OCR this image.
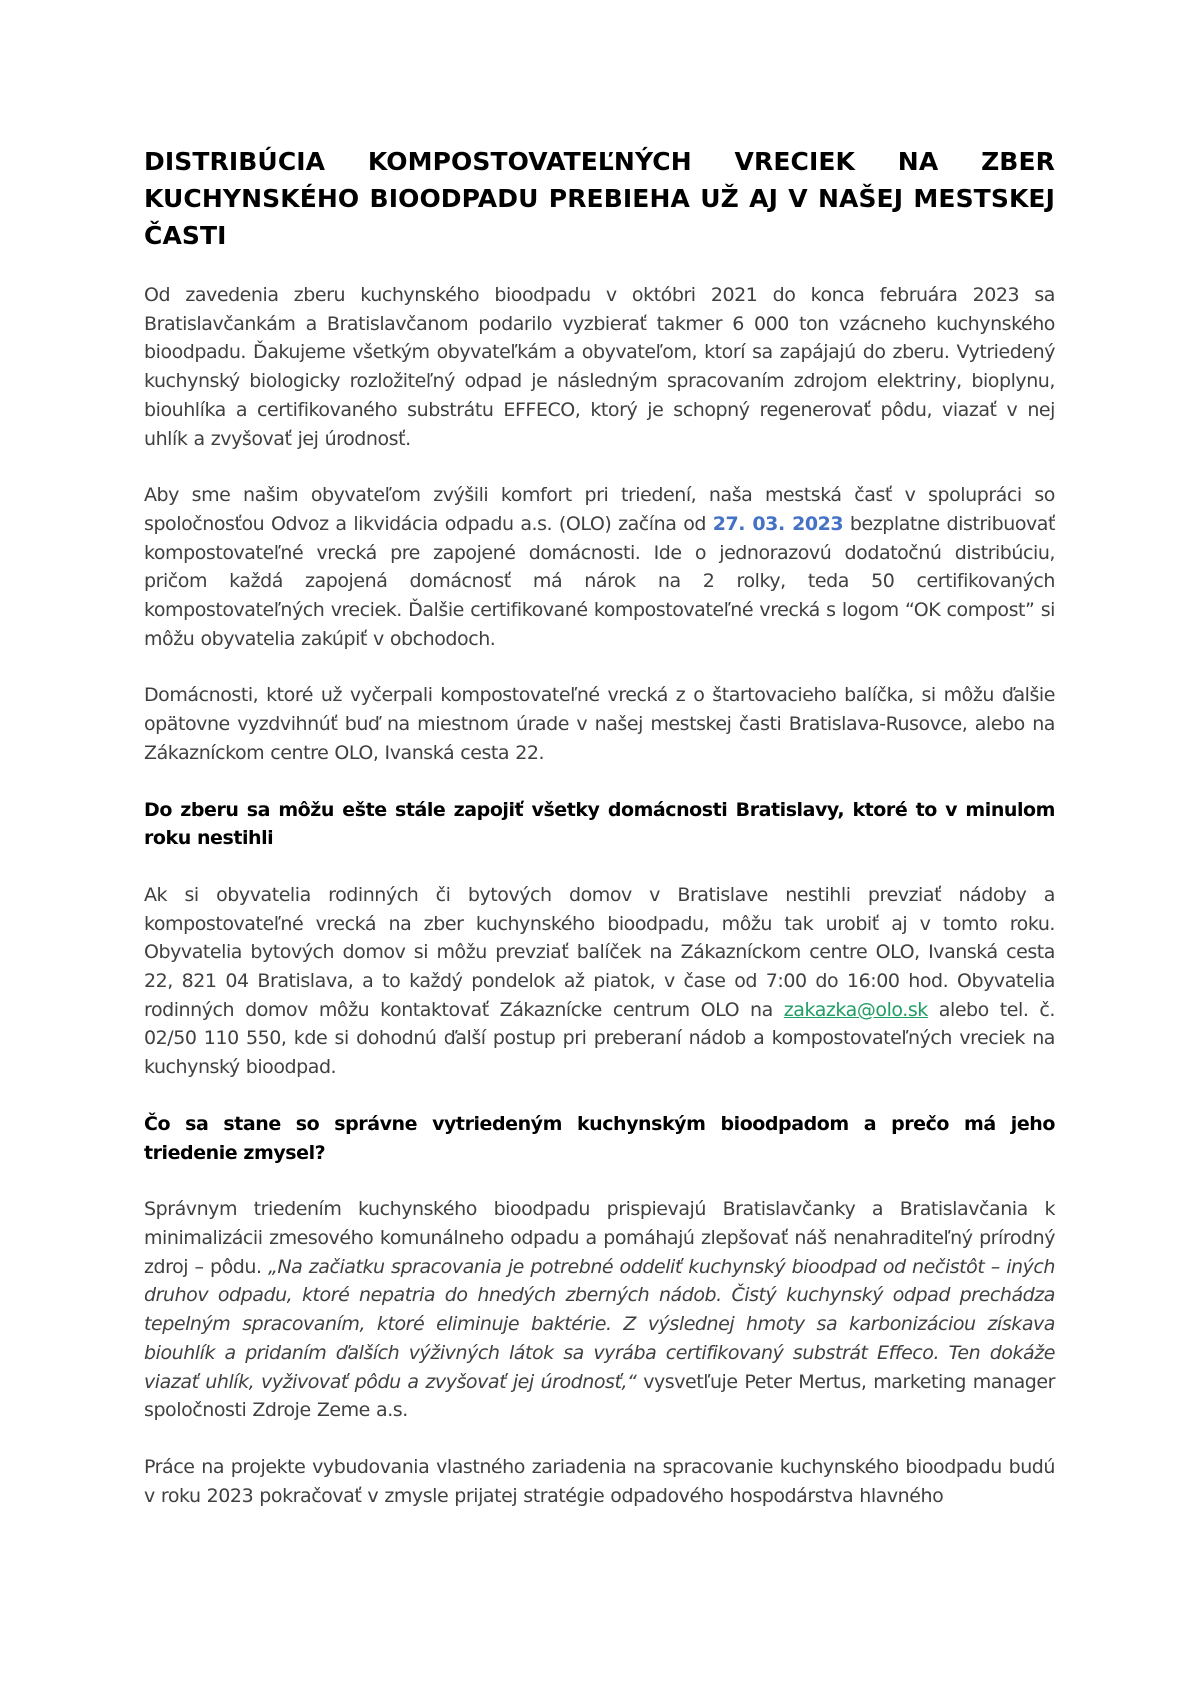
DISTRIBÚCIA KOMPOSTOVATEĽNÝCH VRECIEK NA ZBER KUCHYNSKÉHO BIOODPADU PREBIEHA UŽ AJ V NAŠEJ MESTSKEJ ČASTI

Od zavedenia zberu kuchynského bioodpadu v októbri 2021 do konca februára 2023 sa Bratislavčankám a Bratislavčanom podarilo vyzbierať takmer 6 000 ton vzácneho kuchynského bioodpadu. Ďakujeme všetkým obyvateľkám a obyvateľom, ktorí sa zapájajú do zberu. Vytriedený kuchynský biologicky rozložiteľný odpad je následným spracovaním zdrojom elektriny, bioplynu, biouhlíka a certifikovaného substrátu EFFECO, ktorý je schopný regenerovať pôdu, viazať v nej uhlík a zvyšovať jej úrodnosť.

Aby sme našim obyvateľom zvýšili komfort pri triedení, naša mestská časť v spolupráci so spoločnosťou Odvoz a likvidácia odpadu a.s. (OLO) začína od 27. 03. 2023 bezplatne distribuovať kompostovateľné vrecká pre zapojené domácnosti. Ide o jednorazovú dodatočnú distribúciu, pričom každá zapojená domácnosť má nárok na 2 rolky, teda 50 certifikovaných kompostovateľných vreciek. Ďalšie certifikované kompostovateľné vrecká s logom “OK compost” si môžu obyvatelia zakúpiť v obchodoch.

Domácnosti, ktoré už vyčerpali kompostovateľné vrecká z o štartovacieho balíčka, si môžu ďalšie opätovne vyzdvihnúť buď na miestnom úrade v našej mestskej časti Bratislava-Rusovce, alebo na Zákazníckom centre OLO, Ivanská cesta 22.

Do zberu sa môžu ešte stále zapojiť všetky domácnosti Bratislavy, ktoré to v minulom roku nestihli

Ak si obyvatelia rodinných či bytových domov v Bratislave nestihli prevziať nádoby a kompostovateľné vrecká na zber kuchynského bioodpadu, môžu tak urobiť aj v tomto roku. Obyvatelia bytových domov si môžu prevziať balíček na Zákazníckom centre OLO, Ivanská cesta 22, 821 04 Bratislava, a to každý pondelok až piatok, v čase od 7:00 do 16:00 hod. Obyvatelia rodinných domov môžu kontaktovať Zákaznícke centrum OLO na zakazka@olo.sk alebo tel. č. 02/50 110 550, kde si dohodnú ďalší postup pri preberaní nádob a kompostovateľných vreciek na kuchynský bioodpad.

Čo sa stane so správne vytriedeným kuchynským bioodpadom a prečo má jeho triedenie zmysel?

Správnym triedením kuchynského bioodpadu prispievajú Bratislavčanky a Bratislavčania k minimalizácii zmesového komunálneho odpadu a pomáhajú zlepšovať náš nenahraditeľný prírodný zdroj – pôdu. „Na začiatku spracovania je potrebné oddeliť kuchynský bioodpad od nečistôt – iných druhov odpadu, ktoré nepatria do hnedých zberných nádob. Čistý kuchynský odpad prechádza tepelným spracovaním, ktoré eliminuje baktérie. Z výslednej hmoty sa karbonizáciou získava biouhlík a pridaním ďalších výživných látok sa vyrába certifikovaný substrát Effeco. Ten dokáže viazať uhlík, vyživovať pôdu a zvyšovať jej úrodnosť,“ vysvetľuje Peter Mertus, marketing manager spoločnosti Zdroje Zeme a.s.

Práce na projekte vybudovania vlastného zariadenia na spracovanie kuchynského bioodpadu budú v roku 2023 pokračovať v zmysle prijatej stratégie odpadového hospodárstva hlavného
